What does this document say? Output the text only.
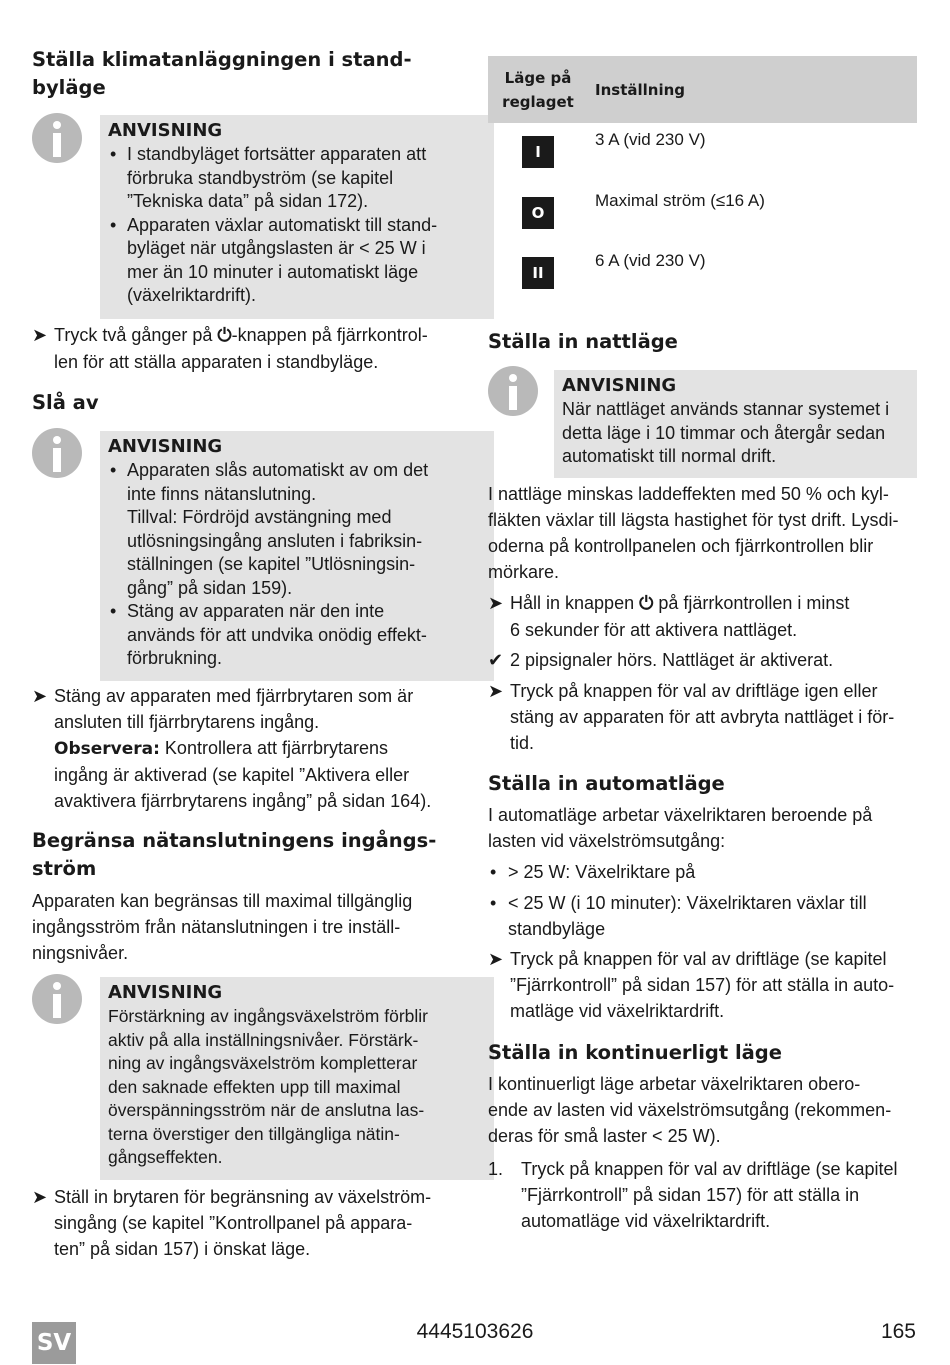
Ställa klimatanläggningen i stand-
byläge
ANVISNING
• I standbyläget fortsätter apparaten att
förbruka standbyström (se kapitel
”Tekniska data” på sidan 172).
• Apparaten växlar automatiskt till stand-
byläget när utgångslasten är < 25 W i
mer än 10 minuter i automatiskt läge
(växelriktardrift).
➤ Tryck två gånger på ⏻-knappen på fjärrkontrol-
len för att ställa apparaten i standbyläge.
Slå av
ANVISNING
• Apparaten slås automatiskt av om det
inte finns nätanslutning.
Tillval: Fördröjd avstängning med
utlösningsingång ansluten i fabriksin-
ställningen (se kapitel ”Utlösningsin-
gång” på sidan 159).
• Stäng av apparaten när den inte
används för att undvika onödig effekt-
förbrukning.
➤ Stäng av apparaten med fjärrbrytaren som är
ansluten till fjärrbrytarens ingång.
Observera: Kontrollera att fjärrbrytarens
ingång är aktiverad (se kapitel ”Aktivera eller
avaktivera fjärrbrytarens ingång” på sidan 164).
Begränsa nätanslutningens ingångs-
ström

Apparaten kan begränsas till maximal tillgänglig
ingångsström från nätanslutningen i tre inställ-
ningsnivåer.

ANVISNING
Förstärkning av ingångsväxelström förblir
aktiv på alla inställningsnivåer. Förstärk-
ning av ingångsväxelström kompletterar
den saknade effekten upp till maximal
överspänningsström när de anslutna las-
terna överstiger den tillgängliga nätin-
gångseffekten.
➤ Ställ in brytaren för begränsning av växelström-
singång (se kapitel ”Kontrollpanel på appara-
ten” på sidan 157) i önskat läge.
Läge på
reglaget
Inställning
I
3 A (vid 230 V)
O
Maximal ström (≤16 A)
II
6 A (vid 230 V)
Ställa in nattläge
ANVISNING
När nattläget används stannar systemet i
detta läge i 10 timmar och återgår sedan
automatiskt till normal drift.

I nattläge minskas laddeffekten med 50 % och kyl-
fläkten växlar till lägsta hastighet för tyst drift. Lysdi-
oderna på kontrollpanelen och fjärrkontrollen blir
mörkare.

➤ Håll in knappen ⏻ på fjärrkontrollen i minst
6 sekunder för att aktivera nattläget.
✔ 2 pipsignaler hörs. Nattläget är aktiverat.
➤ Tryck på knappen för val av driftläge igen eller
stäng av apparaten för att avbryta nattläget i för-
tid.
Ställa in automatläge

I automatläge arbetar växelriktaren beroende på
lasten vid växelströmsutgång:

• > 25 W: Växelriktare på
• < 25 W (i 10 minuter): Växelriktaren växlar till
standbyläge
➤ Tryck på knappen för val av driftläge (se kapitel
”Fjärrkontroll” på sidan 157) för att ställa in auto-
matläge vid växelriktardrift.
Ställa in kontinuerligt läge

I kontinuerligt läge arbetar växelriktaren obero-
ende av lasten vid växelströmsutgång (rekommen-
deras för små laster < 25 W).

1. Tryck på knappen för val av driftläge (se kapitel
”Fjärrkontroll” på sidan 157) för att ställa in
automatläge vid växelriktardrift.
SV	4445103626	165
